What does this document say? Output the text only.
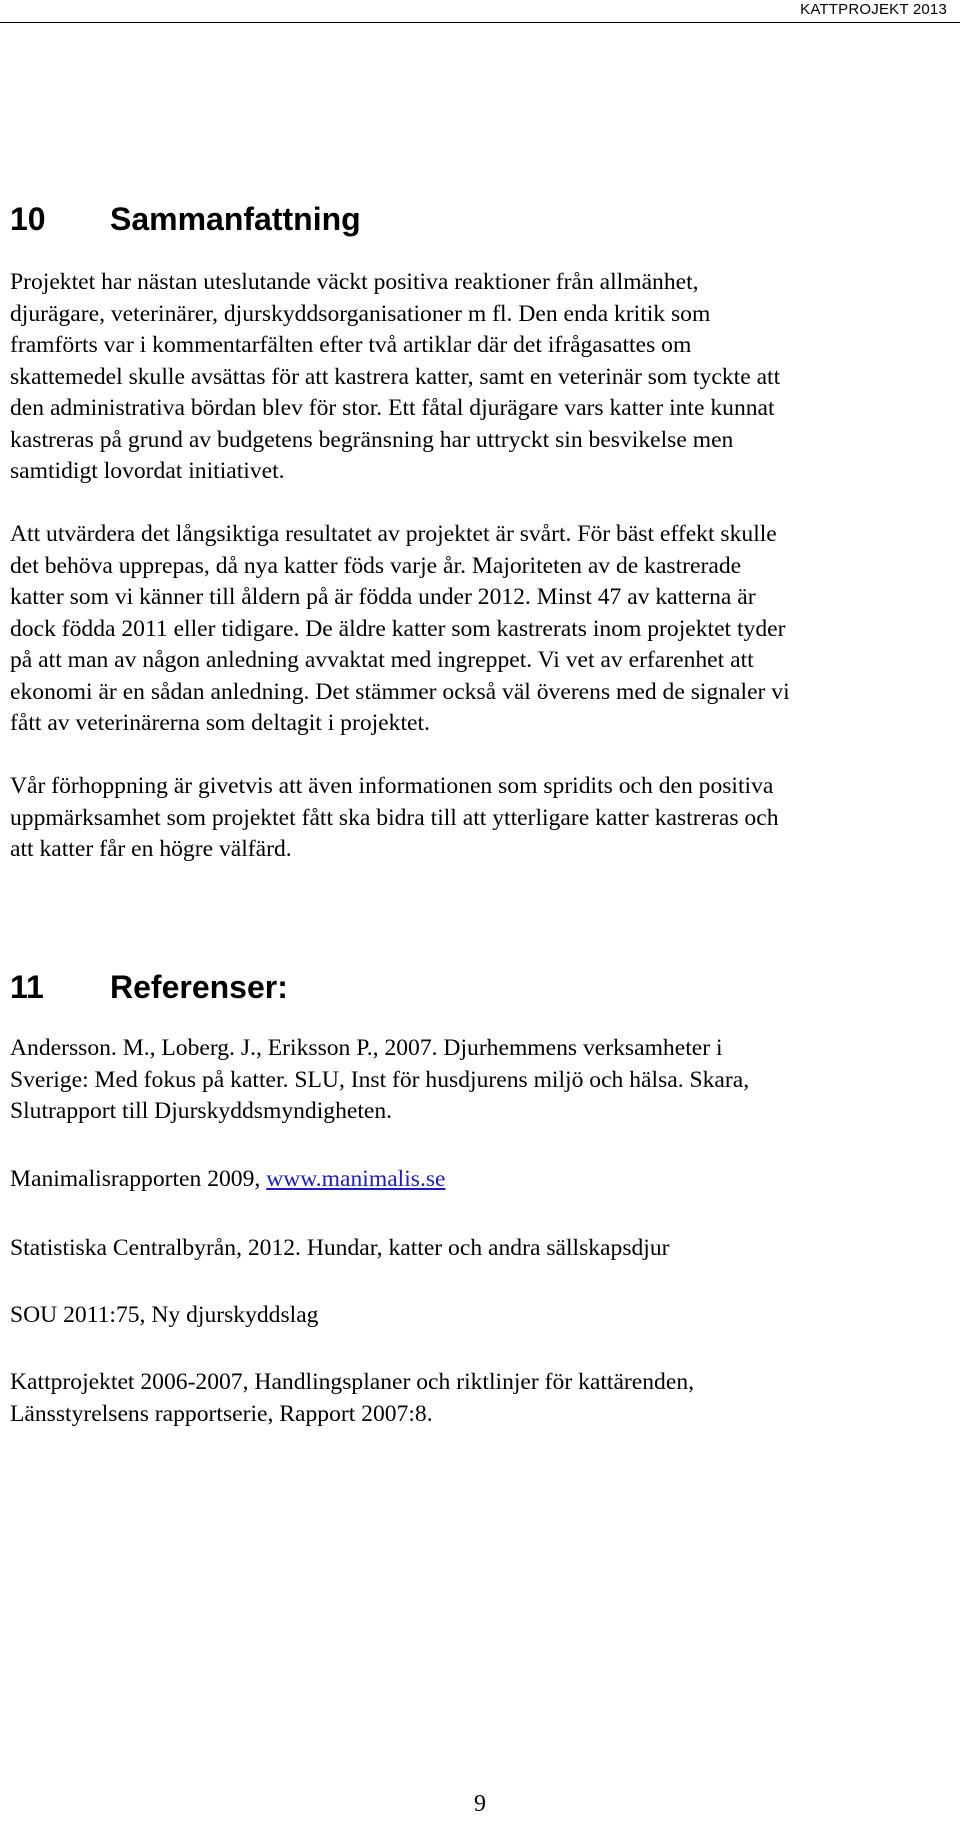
KATTPROJEKT 2013
10 Sammanfattning

Projektet har nästan uteslutande väckt positiva reaktioner från allmänhet,
djurägare, veterinärer, djurskyddsorganisationer m fl. Den enda kritik som
framförts var i kommentarfälten efter två artiklar där det ifrågasattes om
skattemedel skulle avsättas för att kastrera katter, samt en veterinär som tyckte att
den administrativa bördan blev för stor. Ett fåtal djurägare vars katter inte kunnat
kastreras på grund av budgetens begränsning har uttryckt sin besvikelse men
samtidigt lovordat initiativet.

Att utvärdera det långsiktiga resultatet av projektet är svårt. För bäst effekt skulle
det behöva upprepas, då nya katter föds varje år. Majoriteten av de kastrerade
katter som vi känner till åldern på är födda under 2012. Minst 47 av katterna är
dock födda 2011 eller tidigare. De äldre katter som kastrerats inom projektet tyder
på att man av någon anledning avvaktat med ingreppet. Vi vet av erfarenhet att
ekonomi är en sådan anledning. Det stämmer också väl överens med de signaler vi
fått av veterinärerna som deltagit i projektet.

Vår förhoppning är givetvis att även informationen som spridits och den positiva
uppmärksamhet som projektet fått ska bidra till att ytterligare katter kastreras och
att katter får en högre välfärd.

11 Referenser:

Andersson. M., Loberg. J., Eriksson P., 2007. Djurhemmens verksamheter i
Sverige: Med fokus på katter. SLU, Inst för husdjurens miljö och hälsa. Skara,
Slutrapport till Djurskyddsmyndigheten.

Manimalisrapporten 2009, www.manimalis.se

Statistiska Centralbyrån, 2012. Hundar, katter och andra sällskapsdjur

SOU 2011:75, Ny djurskyddslag

Kattprojektet 2006-2007, Handlingsplaner och riktlinjer för kattärenden,
Länsstyrelsens rapportserie, Rapport 2007:8.

9
